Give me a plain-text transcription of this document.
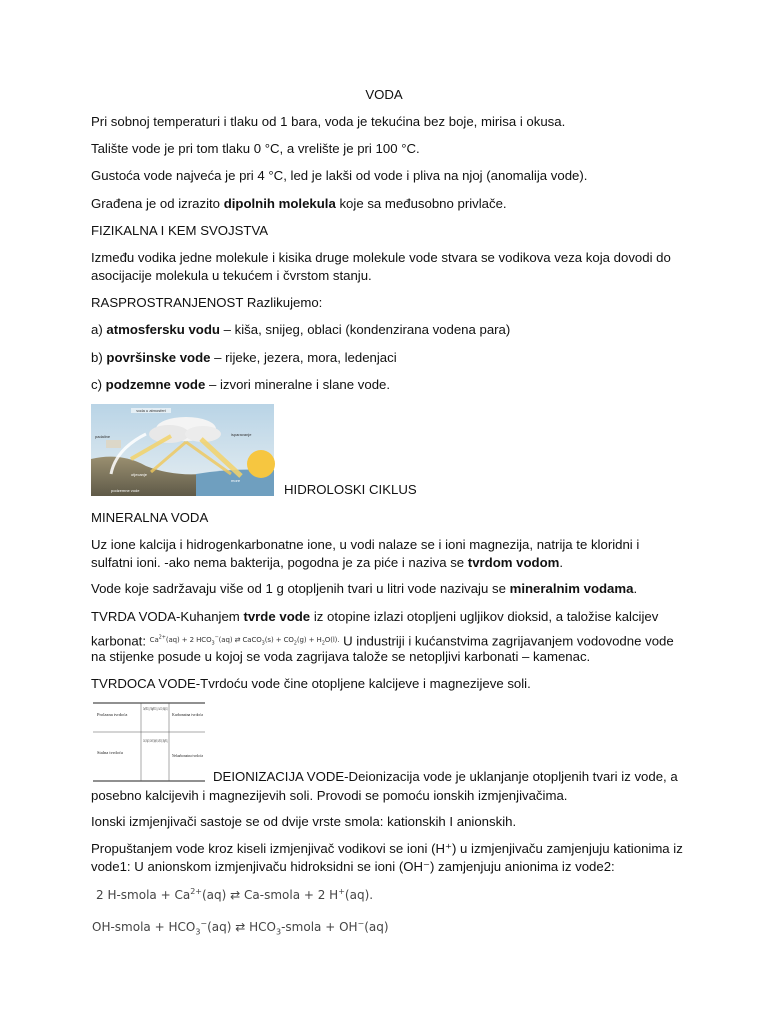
VODA
Pri sobnoj temperaturi i tlaku od 1 bara, voda je tekućina bez boje, mirisa i okusa.
Talište vode je pri tom tlaku 0 °C, a vrelište je pri 100 °C.
Gustoća vode najveća je pri 4 °C, led je lakši od vode i pliva na njoj (anomalija vode).
Građena je od izrazito dipolnih molekula koje sa međusobno privlače.
FIZIKALNA I KEM SVOJSTVA
Između vodika jedne molekule i kisika druge molekule vode stvara se vodikova veza koja dovodi do
asocijacije molekula u tekućem i čvrstom stanju.
RASPROSTRANJENOST Razlikujemo:
a) atmosfersku vodu – kiša, snijeg, oblaci (kondenzirana vodena para)
b) površinske vode – rijeke, jezera, mora, ledenjaci
c) podzemne vode – izvori mineralne i slane vode.
voda u atmosferi
padaline	isparavanje
otjecanje
more
podzemne vode	HIDROLOSKI CIKLUS
MINERALNA VODA
Uz ione kalcija i hidrogenkarbonatne ione, u vodi nalaze se i ioni magnezija, natrija te kloridni i
sulfatni ioni. -ako nema bakterija, pogodna je za piće i naziva se tvrdom vodom.
Vode koje sadržavaju više od 1 g otopljenih tvari u litri vode nazivaju se mineralnim vodama.
TVRDA VODA-Kuhanjem tvrde vode iz otopine izlazi otopljeni ugljikov dioksid, a taložise kalcijev
karbonat: $^{Ca^{2+}(aq) + 2 HCO_3^-(aq) ⇄ CaCO_3(s) + CO_2(g) + H_2O(l).}$ U industriji i kućanstvima zagrijavanjem vodovodne vode
na stijenke posude u kojoj se voda zagrijava talože se netopljivi karbonati – kamenac.
TVRDOCA VODE-Tvrdoću vode čine otopljene kalcijeve i magnezijeve soli.
Prolazna tvrdoća
Ca(HCO₃)₂ Mg(HCO₃)₂ CaCO₃ MgCO₃
Karbonatna tvrdoća
Stalna tvrdoća
CaCl₂ MgCl₂ CaSO₄ MgSO₄ Ca(NO₃)₂ Mg(NO₃)₂
Nekarbonatna tvrdoća
DEIONIZACIJA VODE-Deionizacija vode je uklanjanje otopljenih tvari iz vode, a
posebno kalcijevih i magnezijevih soli. Provodi se pomoću ionskih izmjenjivačima.
Ionski izmjenjivači sastoje se od dvije vrste smola: kationskih I anionskih.
Propuštanjem vode kroz kiseli izmjenjivač vodikovi se ioni (H⁺) u izmjenjivaču zamjenjuju kationima iz
vode1: U anionskom izmjenjivaču hidroksidni se ioni (OH⁻) zamjenjuju anionima iz vode2:
2 H-smola + $Ca^{2+}(aq)$ ⇄ Ca-smola + 2 H+(aq).
OH-smola + $HCO_3^-(aq)$ ⇄ $HCO_3$-smola + OH−(aq)
